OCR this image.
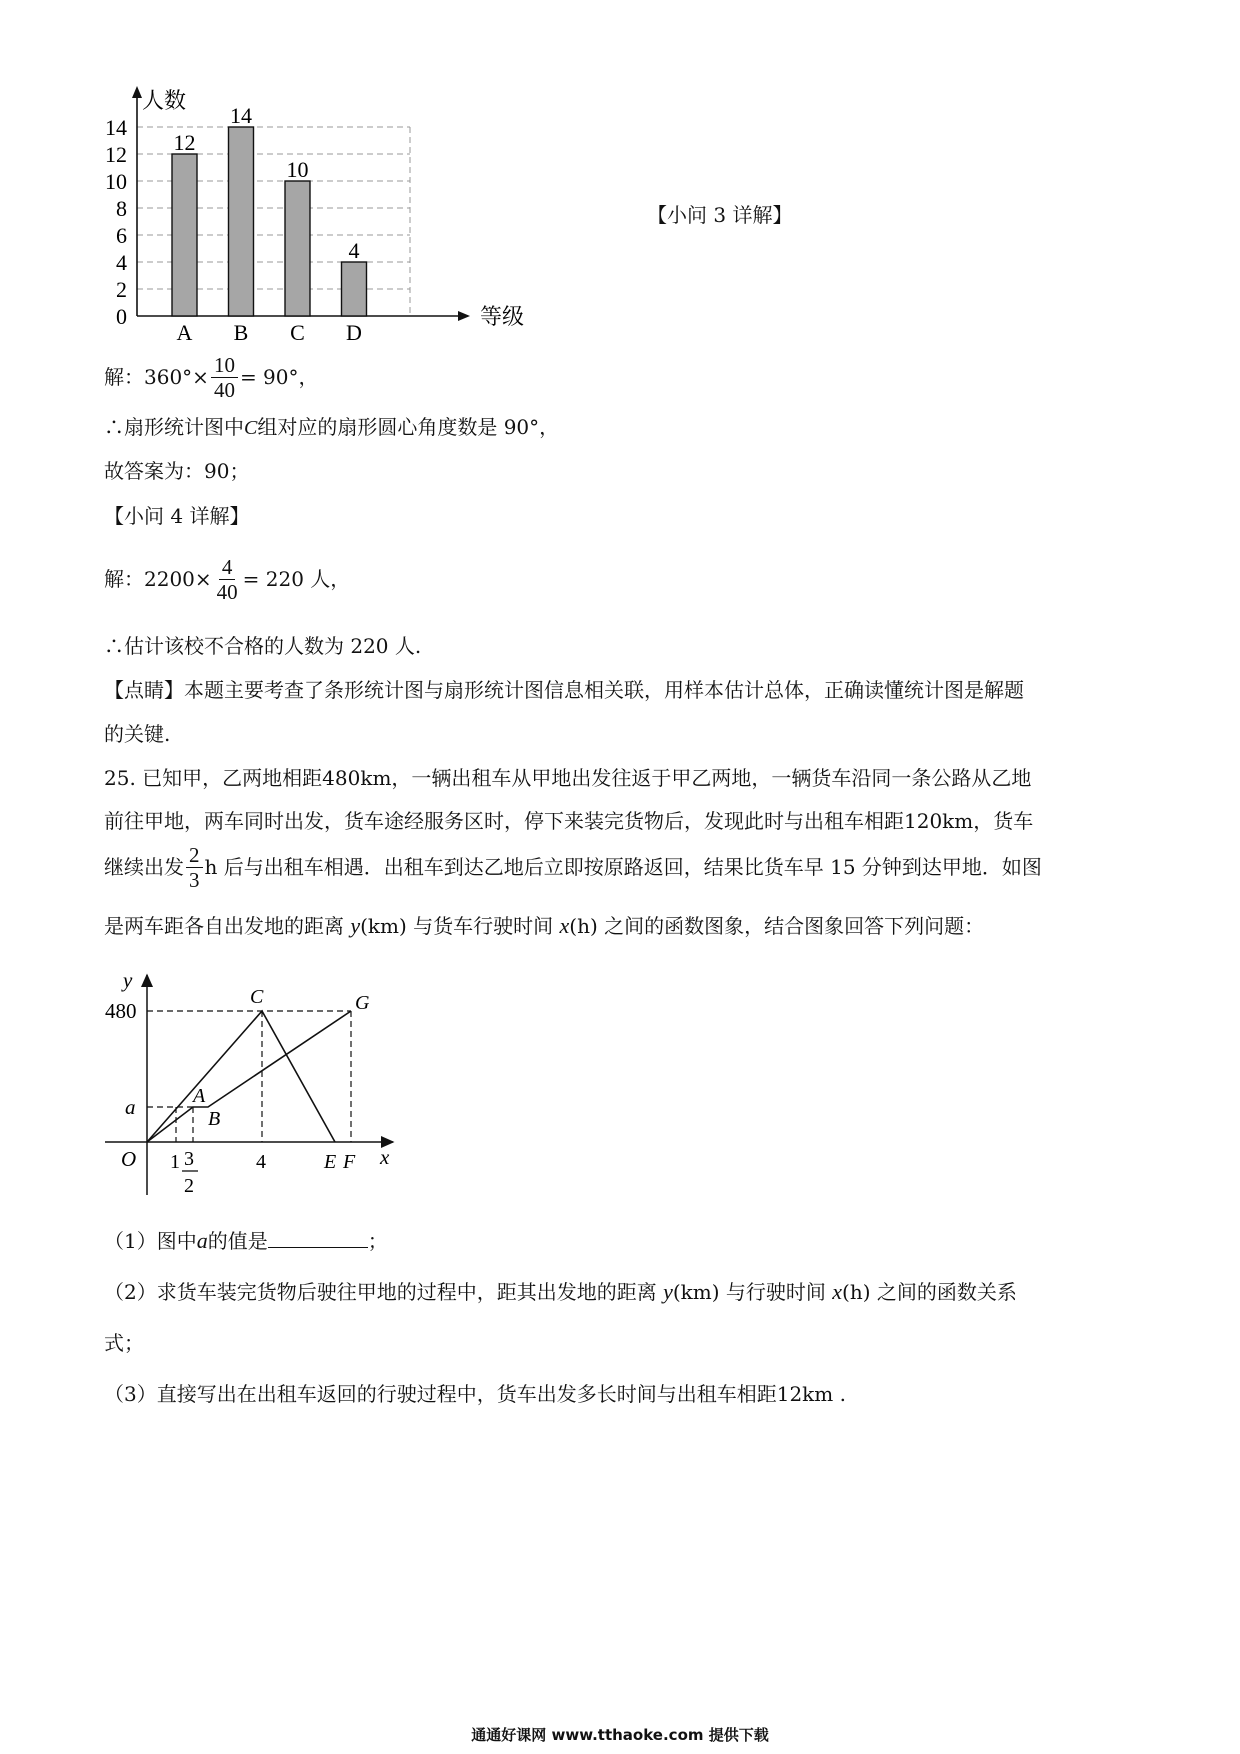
0
2
4
6
8
10
12
14
人数
等级
12
A
14
B
10
C
4
D
【小问 3 详解】
解：$360^\circ\times \frac{10}{40} = 90^\circ$，
∴扇形统计图中C组对应的扇形圆心角度数是 90°，
故答案为：90；
【小问 4 详解】
解：$2200\times \frac{4}{40} = 220$ 人，
∴估计该校不合格的人数为 220 人.
【点睛】本题主要考查了条形统计图与扇形统计图信息相关联，用样本估计总体，正确读懂统计图是解题
的关键.
25. 已知甲，乙两地相距480km，一辆出租车从甲地出发往返于甲乙两地，一辆货车沿同一条公路从乙地
前往甲地，两车同时出发，货车途经服务区时，停下来装完货物后，发现此时与出租车相距120km，货车
继续出发 $\frac{2}{3}$ h 后与出租车相遇．出租车到达乙地后立即按原路返回，结果比货车早 15 分钟到达甲地．如图
是两车距各自出发地的距离 y(km) 与货车行驶时间 x(h) 之间的函数图象，结合图象回答下列问题：
y
x
O
480
a
1 3
2
4
A
B
C
E F
G
（1）图中a的值是	；
（2）求货车装完货物后驶往甲地的过程中，距其出发地的距离 y(km) 与行驶时间 x(h) 之间的函数关系
式；
（3）直接写出在出租车返回的行驶过程中，货车出发多长时间与出租车相距12km .
通通好课网 www.tthaoke.com 提供下载
